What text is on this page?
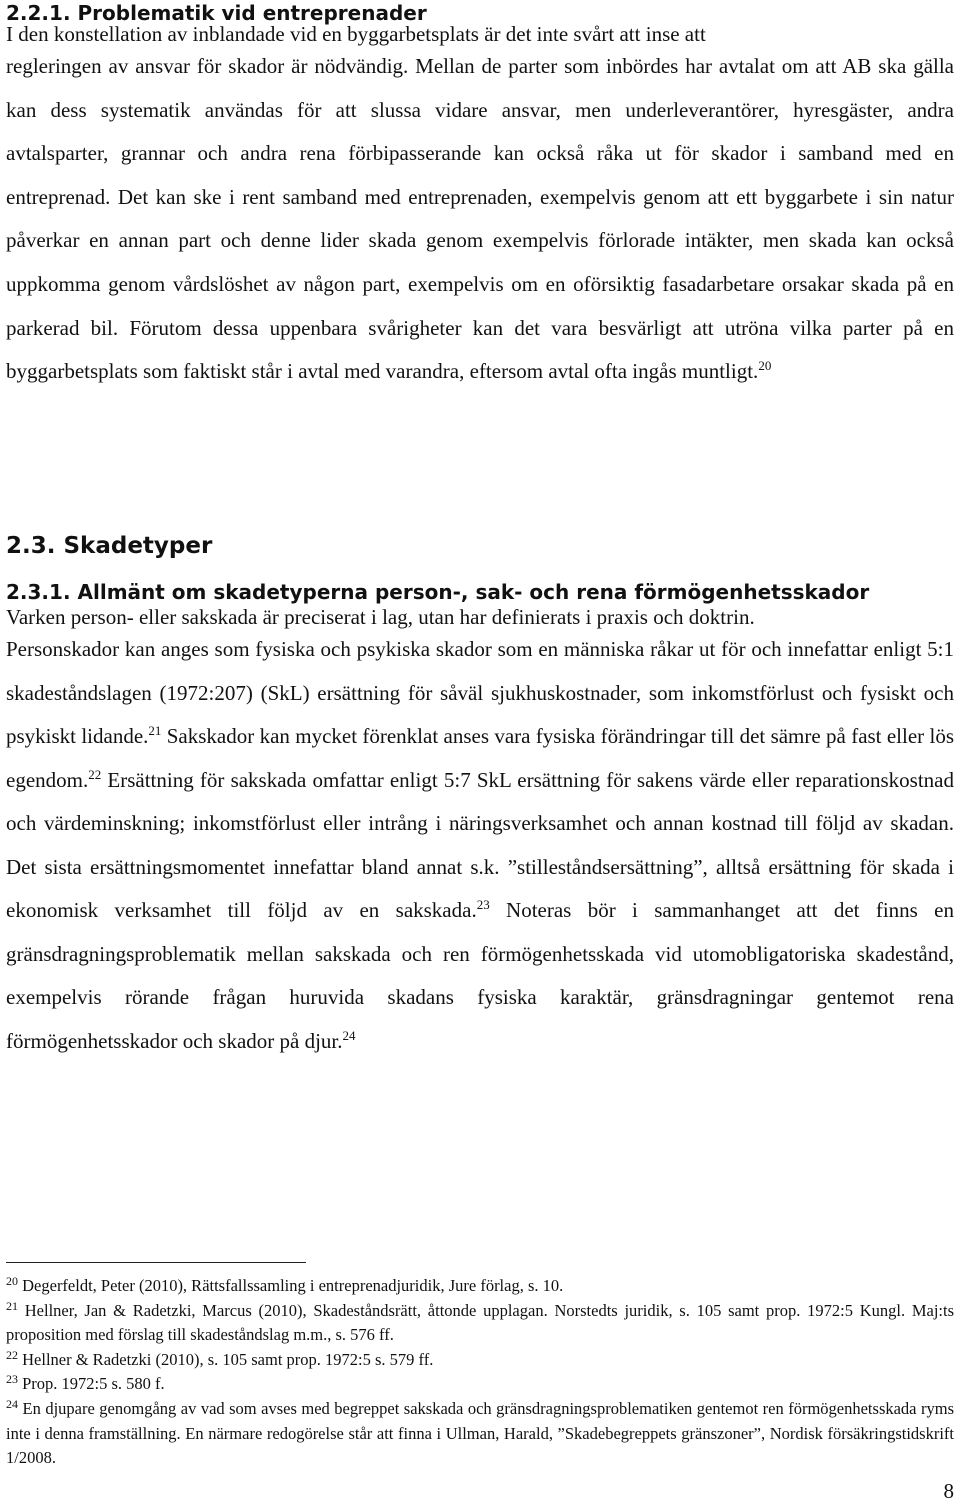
2.2.1. Problematik vid entreprenader
I den konstellation av inblandade vid en byggarbetsplats är det inte svårt att inse att
regleringen av ansvar för skador är nödvändig. Mellan de parter som inbördes har avtalat om att AB ska gälla kan dess systematik användas för att slussa vidare ansvar, men underleverantörer, hyresgäster, andra avtalsparter, grannar och andra rena förbipasserande kan också råka ut för skador i samband med en entreprenad. Det kan ske i rent samband med entreprenaden, exempelvis genom att ett byggarbete i sin natur påverkar en annan part och denne lider skada genom exempelvis förlorade intäkter, men skada kan också uppkomma genom vårdslöshet av någon part, exempelvis om en oförsiktig fasadarbetare orsakar skada på en parkerad bil. Förutom dessa uppenbara svårigheter kan det vara besvärligt att utröna vilka parter på en byggarbetsplats som faktiskt står i avtal med varandra, eftersom avtal ofta ingås muntligt.$^{20}$
2.3. Skadetyper
2.3.1. Allmänt om skadetyperna person-, sak- och rena förmögenhetsskador
Varken person- eller sakskada är preciserat i lag, utan har definierats i praxis och doktrin.
Personskador kan anges som fysiska och psykiska skador som en människa råkar ut för och innefattar enligt 5:1 skadeståndslagen (1972:207) (SkL) ersättning för såväl sjukhuskostnader, som inkomstförlust och fysiskt och psykiskt lidande.$^{21}$ Sakskador kan mycket förenklat anses vara fysiska förändringar till det sämre på fast eller lös egendom.$^{22}$ Ersättning för sakskada omfattar enligt 5:7 SkL ersättning för sakens värde eller reparationskostnad och värdeminskning; inkomstförlust eller intrång i näringsverksamhet och annan kostnad till följd av skadan. Det sista ersättningsmomentet innefattar bland annat s.k. ”stilleståndsersättning”, alltså ersättning för skada i ekonomisk verksamhet till följd av en sakskada.$^{23}$ Noteras bör i sammanhanget att det finns en gränsdragningsproblematik mellan sakskada och ren förmögenhetsskada vid utomobligatoriska skadestånd, exempelvis rörande frågan huruvida skadans fysiska karaktär, gränsdragningar gentemot rena förmögenhetsskador och skador på djur.$^{24}$

$^{20}$ Degerfeldt, Peter (2010), Rättsfallssamling i entreprenadjuridik, Jure förlag, s. 10.

$^{21}$ Hellner, Jan & Radetzki, Marcus (2010), Skadeståndsrätt, åttonde upplagan. Norstedts juridik, s. 105 samt prop. 1972:5 Kungl. Maj:ts proposition med förslag till skadeståndslag m.m., s. 576 ff.

$^{22}$ Hellner & Radetzki (2010), s. 105 samt prop. 1972:5 s. 579 ff.

$^{23}$ Prop. 1972:5 s. 580 f.

$^{24}$ En djupare genomgång av vad som avses med begreppet sakskada och gränsdragningsproblematiken gentemot ren förmögenhetsskada ryms inte i denna framställning. En närmare redogörelse står att finna i Ullman, Harald, ”Skadebegreppets gränszoner”, Nordisk försäkringstidskrift 1/2008.

8
